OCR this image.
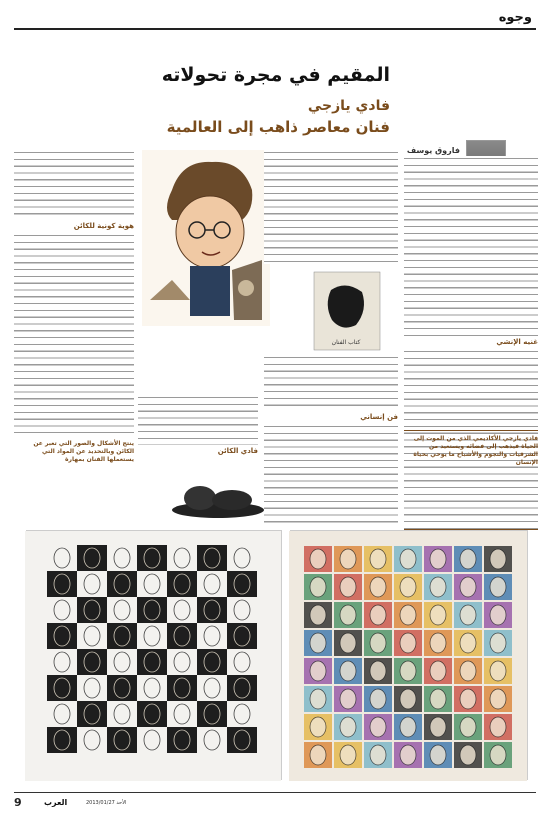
وجوه
المقيم في مجرة تحولاته
فادي يازجي
فنان معاصر ذاهب إلى العالمية
فاروق يوسف
كتاب الفنان	غنيه الإنشي
هوية كونية للكائن
فن إنساني
فادي الكائن
فادي يازجي الأكاديمي الذي من الموت إلى الحياة فيذهب إلى فضائه ويستعيد من الشرقيات والنجوم والأشباح ما يوحي بحياة الإنسان
ينتج الأشكال والصور التي تعبر عن الكائن وبالتحديد عن المواد التي يستعملها الفنان بمهارة
9	العرب	الأحد 2013/01/27
